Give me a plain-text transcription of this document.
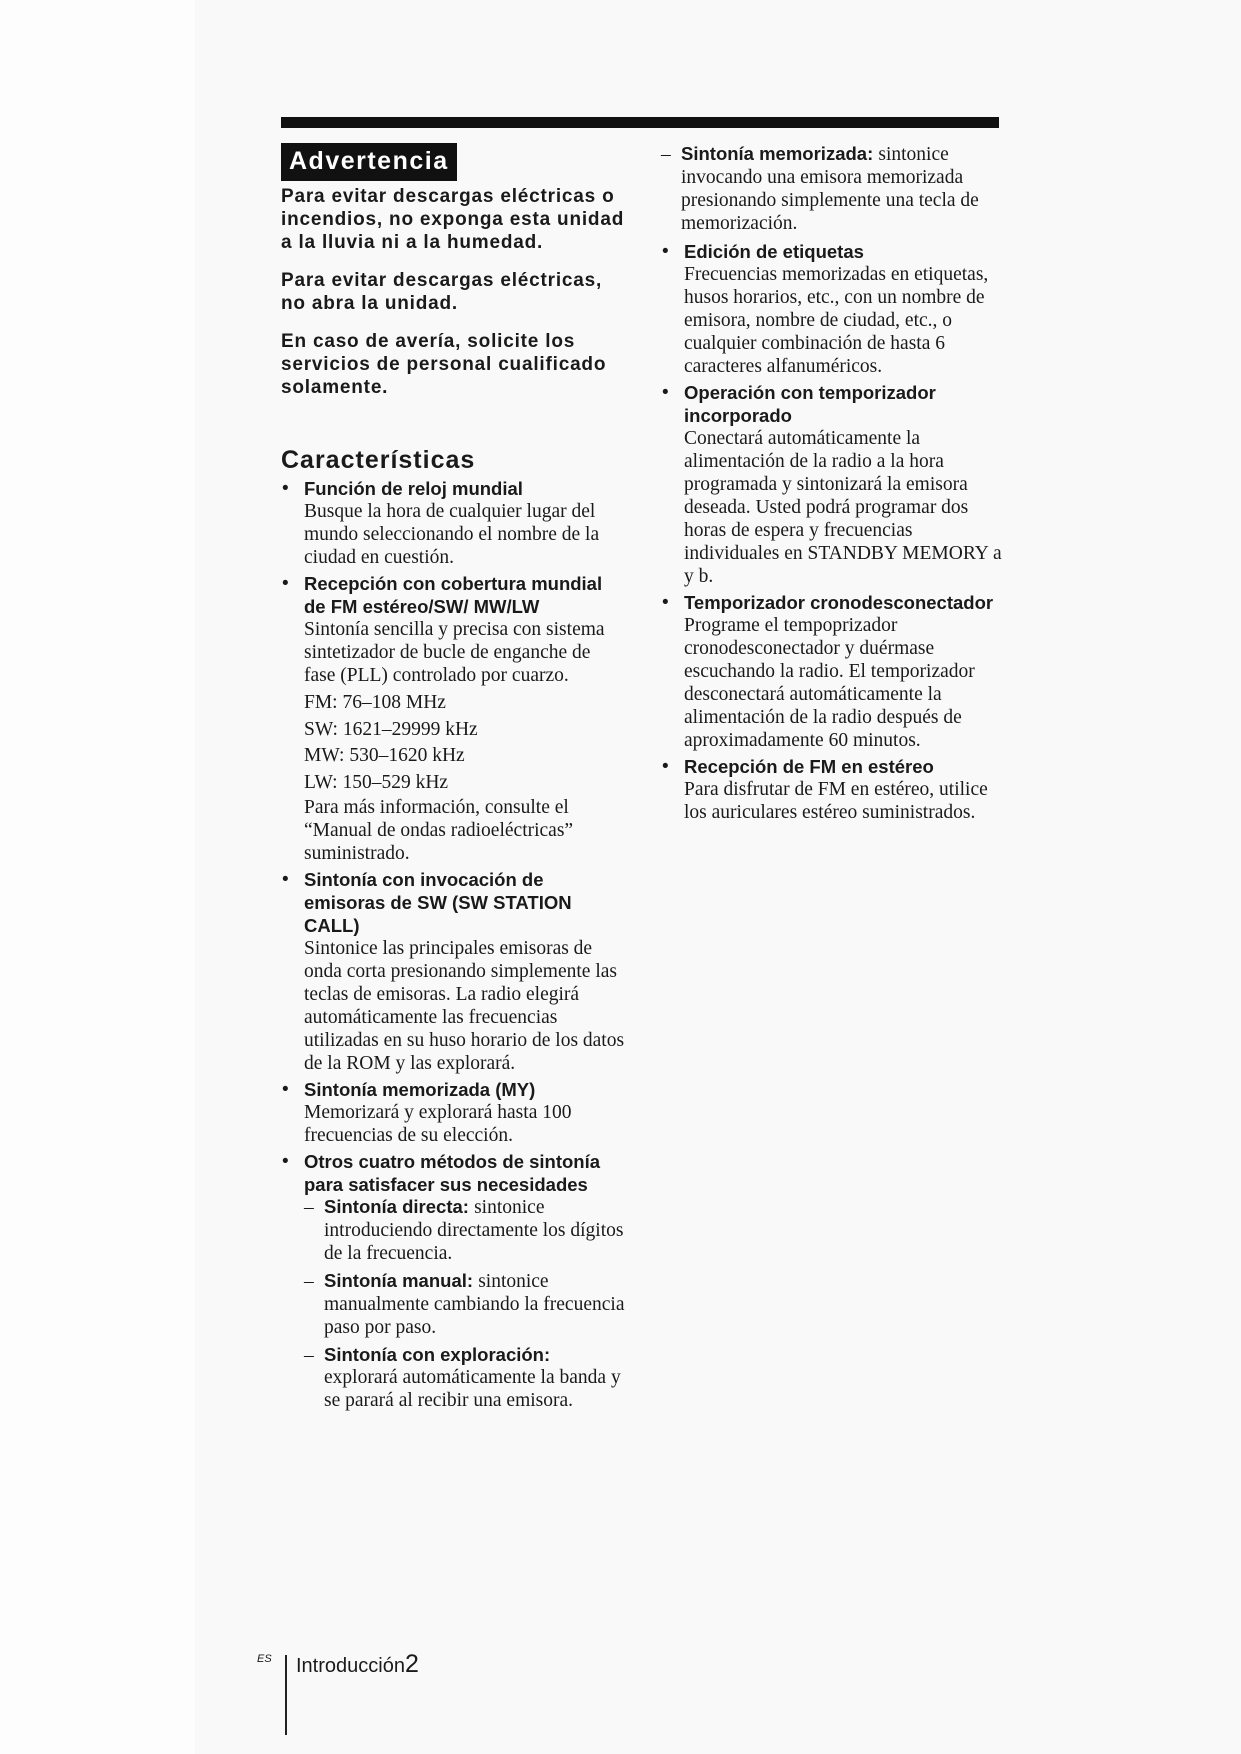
Advertencia

Para evitar descargas eléctricas o incendios, no exponga esta unidad a la lluvia ni a la humedad.

Para evitar descargas eléctricas, no abra la unidad.

En caso de avería, solicite los servicios de personal cualificado solamente.

Características
• Función de reloj mundial
Busque la hora de cualquier lugar del mundo seleccionando el nombre de la ciudad en cuestión.
• Recepción con cobertura mundial de FM estéreo/SW/ MW/LW
Sintonía sencilla y precisa con sistema sintetizador de bucle de enganche de fase (PLL) controlado por cuarzo.
FM: 76–108 MHz
SW: 1621–29999 kHz
MW: 530–1620 kHz
LW: 150–529 kHz
Para más información, consulte el “Manual de ondas radioeléctricas” suministrado.
• Sintonía con invocación de emisoras de SW (SW STATION CALL)
Sintonice las principales emisoras de onda corta presionando simplemente las teclas de emisoras. La radio elegirá automáticamente las frecuencias utilizadas en su huso horario de los datos de la ROM y las explorará.
• Sintonía memorizada (MY)
Memorizará y explorará hasta 100 frecuencias de su elección.
• Otros cuatro métodos de sintonía para satisfacer sus necesidades
– Sintonía directa: sintonice introduciendo directamente los dígitos de la frecuencia.
– Sintonía manual: sintonice manualmente cambiando la frecuencia paso por paso.
– Sintonía con exploración: explorará automáticamente la banda y se parará al recibir una emisora.
– Sintonía memorizada: sintonice invocando una emisora memorizada presionando simplemente una tecla de memorización.
• Edición de etiquetas
Frecuencias memorizadas en etiquetas, husos horarios, etc., con un nombre de emisora, nombre de ciudad, etc., o cualquier combinación de hasta 6 caracteres alfanuméricos.
• Operación con temporizador incorporado
Conectará automáticamente la alimentación de la radio a la hora programada y sintonizará la emisora deseada. Usted podrá programar dos horas de espera y frecuencias individuales en STANDBY MEMORY a y b.
• Temporizador cronodesconectador
Programe el tempoprizador cronodesconectador y duérmase escuchando la radio. El temporizador desconectará automáticamente la alimentación de la radio después de aproximadamente 60 minutos.
• Recepción de FM en estéreo
Para disfrutar de FM en estéreo, utilice los auriculares estéreo suministrados.
ES Introducción2
